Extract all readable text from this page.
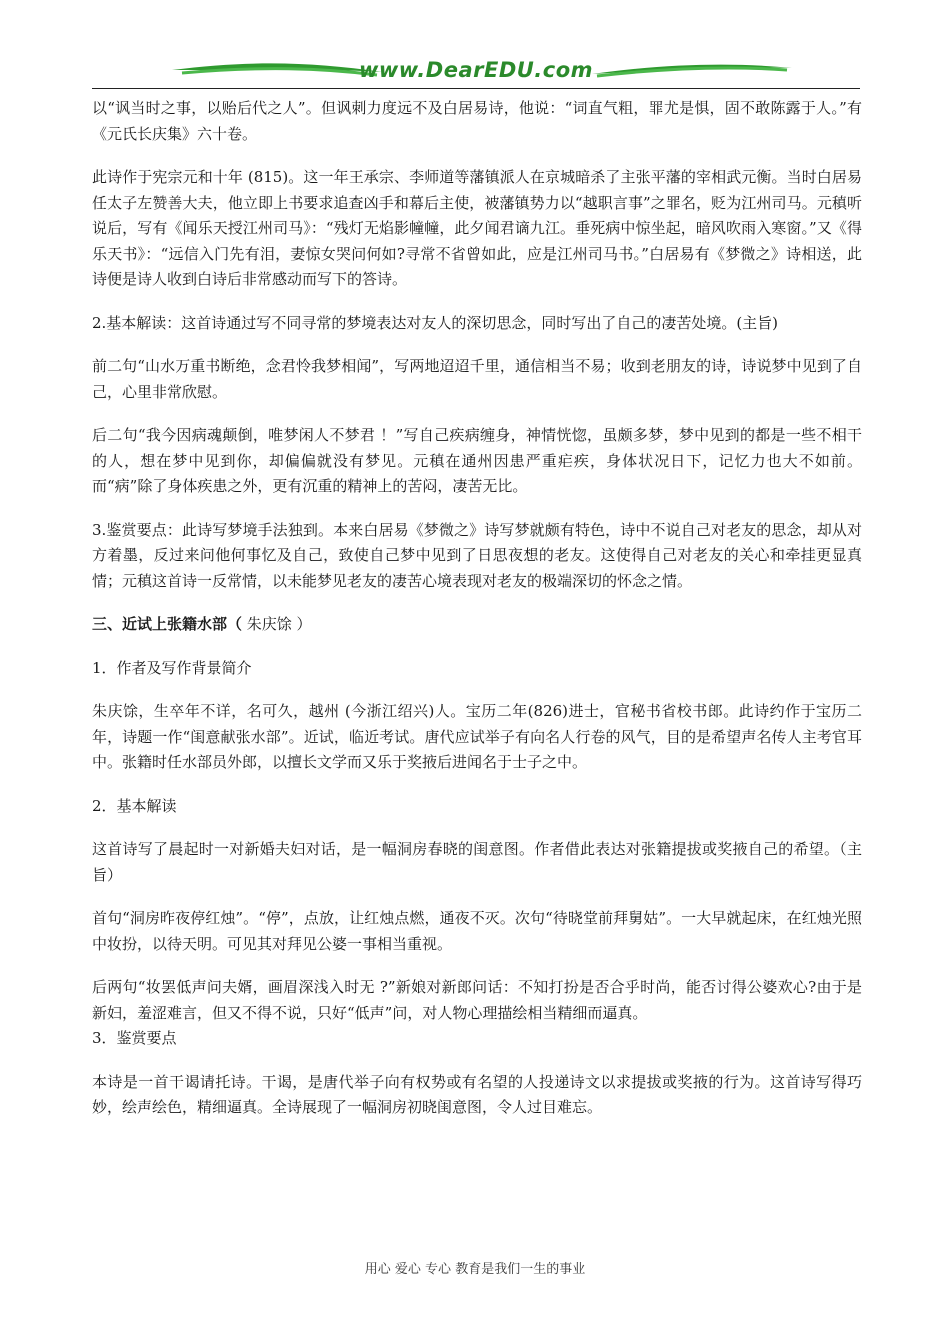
www.DearEDU.com

以“讽当时之事，以贻后代之人”。但讽刺力度远不及白居易诗，他说：“词直气粗，罪尤是惧，固不敢陈露于人。”有《元氏长庆集》六十卷。

此诗作于宪宗元和十年 (815)。这一年王承宗、李师道等藩镇派人在京城暗杀了主张平藩的宰相武元衡。当时白居易任太子左赞善大夫，他立即上书要求追查凶手和幕后主使，被藩镇势力以“越职言事”之罪名，贬为江州司马。元稹听说后，写有《闻乐天授江州司马》：“残灯无焰影幢幢，此夕闻君谪九江。垂死病中惊坐起，暗风吹雨入寒窗。”又《得乐天书》：“远信入门先有泪，妻惊女哭问何如?寻常不省曾如此，应是江州司马书。”白居易有《梦微之》诗相送，此诗便是诗人收到白诗后非常感动而写下的答诗。

2.基本解读：这首诗通过写不同寻常的梦境表达对友人的深切思念，同时写出了自己的凄苦处境。(主旨)

前二句“山水万重书断绝，念君怜我梦相闻”，写两地迢迢千里，通信相当不易；收到老朋友的诗，诗说梦中见到了自己，心里非常欣慰。

后二句“我今因病魂颠倒，唯梦闲人不梦君 ！”写自己疾病缠身，神情恍惚，虽颇多梦，梦中见到的都是一些不相干的人，想在梦中见到你，却偏偏就没有梦见。元稹在通州因患严重疟疾，身体状况日下，记忆力也大不如前。而“病”除了身体疾患之外，更有沉重的精神上的苦闷，凄苦无比。

3.鉴赏要点：此诗写梦境手法独到。本来白居易《梦微之》诗写梦就颇有特色，诗中不说自己对老友的思念，却从对方着墨，反过来问他何事忆及自己，致使自己梦中见到了日思夜想的老友。这使得自己对老友的关心和牵挂更显真情；元稹这首诗一反常情，以未能梦见老友的凄苦心境表现对老友的极端深切的怀念之情。

三、近试上张籍水部（ 朱庆馀 ）

1．作者及写作背景简介

朱庆馀，生卒年不详，名可久，越州 (今浙江绍兴)人。宝历二年(826)进士，官秘书省校书郎。此诗约作于宝历二年，诗题一作“闺意献张水部”。近试，临近考试。唐代应试举子有向名人行卷的风气，目的是希望声名传人主考官耳中。张籍时任水部员外郎，以擅长文学而又乐于奖掖后进闻名于士子之中。

2．基本解读

这首诗写了晨起时一对新婚夫妇对话，是一幅洞房春晓的闺意图。作者借此表达对张籍提拔或奖掖自己的希望。（主旨）

首句“洞房昨夜停红烛”。“停”，点放，让红烛点燃，通夜不灭。次句“待晓堂前拜舅姑”。一大早就起床，在红烛光照中妆扮，以待天明。可见其对拜见公婆一事相当重视。

后两句“妆罢低声问夫婿，画眉深浅入时无 ?”新娘对新郎问话：不知打扮是否合乎时尚，能否讨得公婆欢心?由于是新妇，羞涩难言，但又不得不说，只好“低声”问，对人物心理描绘相当精细而逼真。

3．鉴赏要点

本诗是一首干谒请托诗。干谒，是唐代举子向有权势或有名望的人投递诗文以求提拔或奖掖的行为。这首诗写得巧妙，绘声绘色，精细逼真。全诗展现了一幅洞房初晓闺意图，令人过目难忘。

用心 爱心 专心 教育是我们一生的事业
